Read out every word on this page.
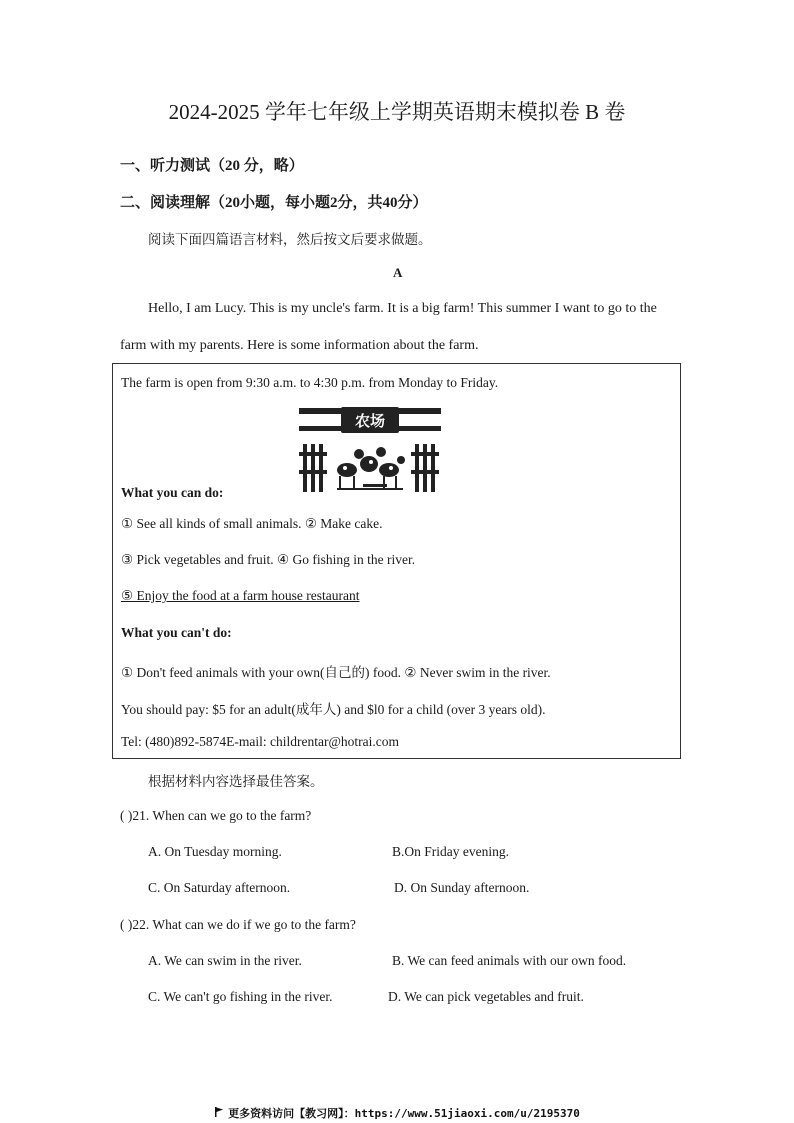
2024-2025 学年七年级上学期英语期末模拟卷 B 卷
一、听力测试（20 分，略）
二、阅读理解（20小题，每小题2分，共40分）
阅读下面四篇语言材料，然后按文后要求做题。
A
Hello, I am Lucy. This is my uncle's farm. It is a big farm! This summer I want to go to the
farm with my parents. Here is some information about the farm.
The farm is open from 9:30 a.m. to 4:30 p.m. from Monday to Friday.
农场
What you can do:
① See all kinds of small animals. ② Make cake.
③ Pick vegetables and fruit. ④ Go fishing in the river.
⑤ Enjoy the food at a farm house restaurant
What you can't do:
① Don't feed animals with your own(自己的) food. ② Never swim in the river.
You should pay: $5 for an adult(成年人) and $l0 for a child (over 3 years old).
Tel: (480)892-5874E-mail: childrentar@hotrai.com
根据材料内容选择最佳答案。
( )21. When can we go to the farm?
A. On Tuesday morning.	B.On Friday evening.
C. On Saturday afternoon.	D. On Sunday afternoon.
( )22. What can we do if we go to the farm?
A. We can swim in the river.	B. We can feed animals with our own food.
C. We can't go fishing in the river.	D. We can pick vegetables and fruit.
更多资料访问【教习网】：https://www.51jiaoxi.com/u/2195370
